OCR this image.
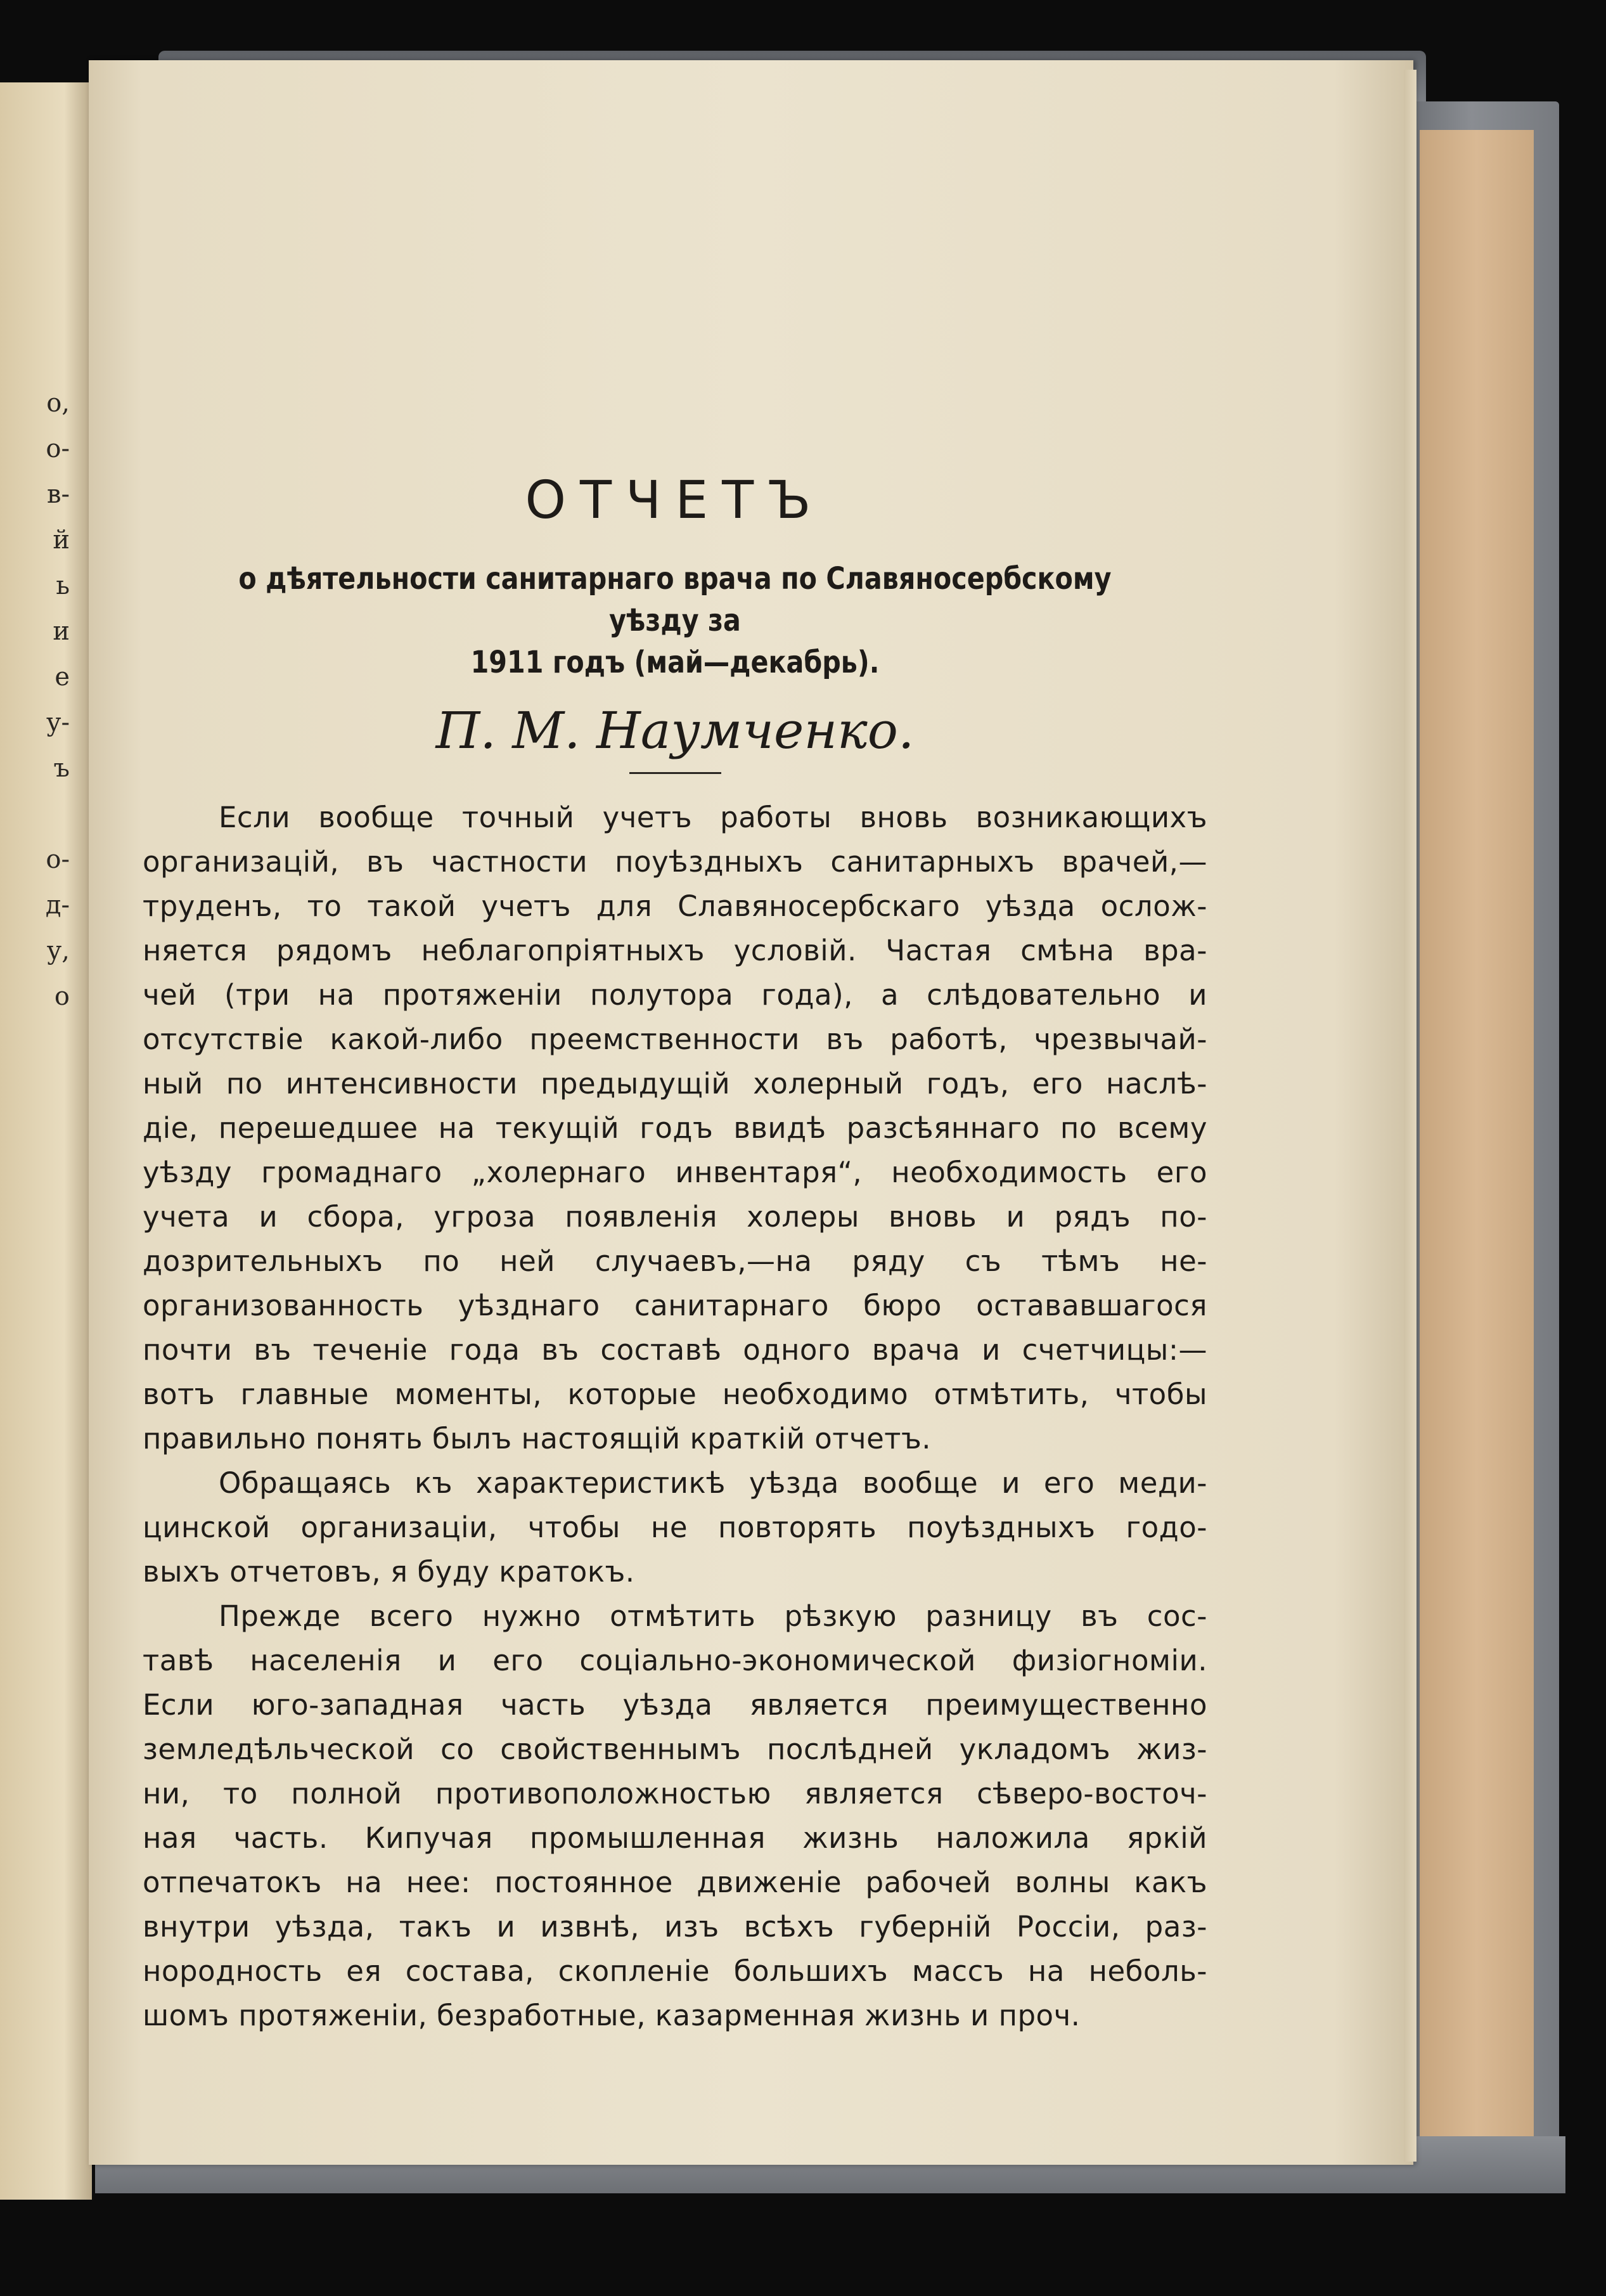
о,
о-
в-
й
ь
и
е
у-
ъ
о-
д-
у,
о
ОТЧЕТЪ

о дѣятельности санитарнаго врача по Славяносербскому уѣзду за

1911 годъ (май—декабрь).

П. М. Наумченко.
Если вообще точный учетъ работы вновь возникающихъ
организацій, въ частности поуѣздныхъ санитарныхъ врачей,—
труденъ, то такой учетъ для Славяносербскаго уѣзда ослож-
няется рядомъ неблагопріятныхъ условій. Частая смѣна вра-
чей (три на протяженіи полутора года), а слѣдовательно и
отсутствіе какой-либо преемственности въ работѣ, чрезвычай-
ный по интенсивности предыдущій холерный годъ, его наслѣ-
діе, перешедшее на текущій годъ ввидѣ разсѣяннаго по всему
уѣзду громаднаго „холернаго инвентаря“, необходимость его
учета и сбора, угроза появленія холеры вновь и рядъ по-
дозрительныхъ по ней случаевъ,—на ряду съ тѣмъ не-
организованность уѣзднаго санитарнаго бюро остававшагося
почти въ теченіе года въ составѣ одного врача и счетчицы:—
вотъ главные моменты, которые необходимо отмѣтить, чтобы
правильно понять былъ настоящій краткій отчетъ.
Обращаясь къ характеристикѣ уѣзда вообще и его меди-
цинской организаціи, чтобы не повторять поуѣздныхъ годо-
выхъ отчетовъ, я буду кратокъ.
Прежде всего нужно отмѣтить рѣзкую разницу въ сос-
тавѣ населенія и его соціально-экономической физіогноміи.
Если юго-западная часть уѣзда является преимущественно
земледѣльческой со свойственнымъ послѣдней укладомъ жиз-
ни, то полной противоположностью является сѣверо-восточ-
ная часть. Кипучая промышленная жизнь наложила яркій
отпечатокъ на нее: постоянное движеніе рабочей волны какъ
внутри уѣзда, такъ и извнѣ, изъ всѣхъ губерній Россіи, раз-
нородность ея состава, скопленіе большихъ массъ на неболь-
шомъ протяженіи, безработные, казарменная жизнь и проч.
